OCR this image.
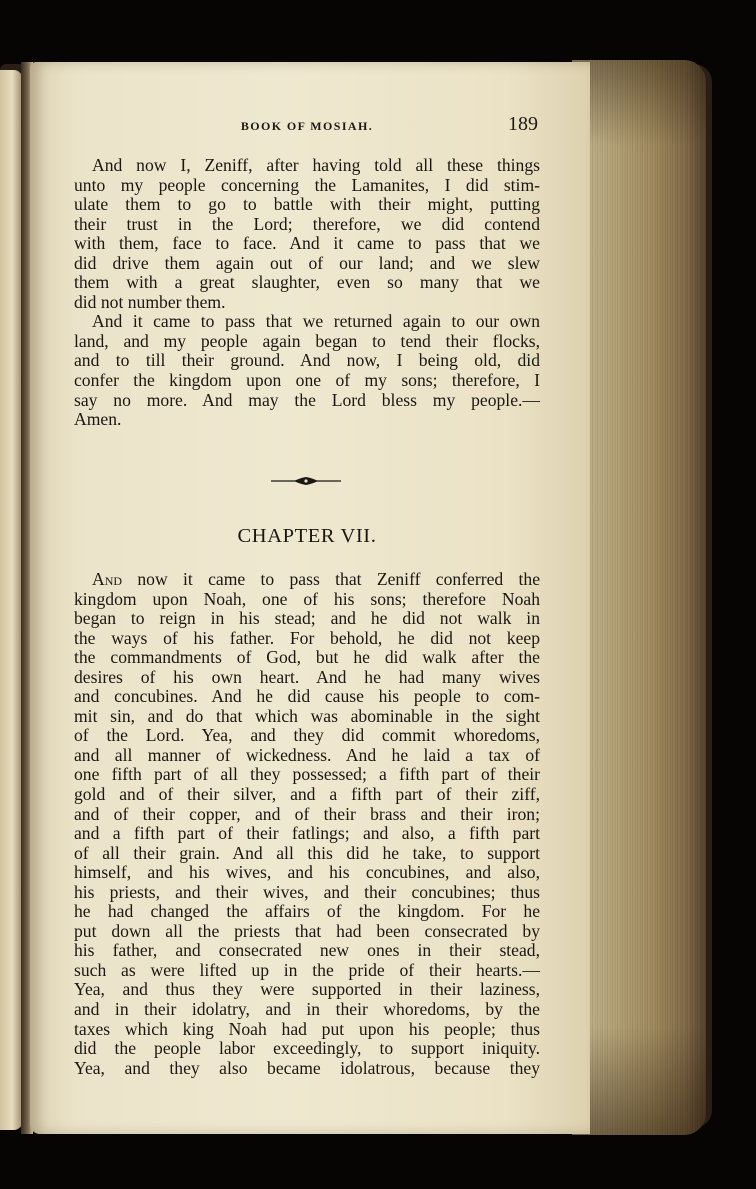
BOOK OF MOSIAH.	189
And now I, Zeniff, after having told all these things
unto my people concerning the Lamanites, I did stim-
ulate them to go to battle with their might, putting
their trust in the Lord; therefore, we did contend
with them, face to face. And it came to pass that we
did drive them again out of our land; and we slew
them with a great slaughter, even so many that we
did not number them.
And it came to pass that we returned again to our own
land, and my people again began to tend their flocks,
and to till their ground. And now, I being old, did
confer the kingdom upon one of my sons; therefore, I
say no more. And may the Lord bless my people.—
Amen.
CHAPTER VII.
And now it came to pass that Zeniff conferred the
kingdom upon Noah, one of his sons; therefore Noah
began to reign in his stead; and he did not walk in
the ways of his father. For behold, he did not keep
the commandments of God, but he did walk after the
desires of his own heart. And he had many wives
and concubines. And he did cause his people to com-
mit sin, and do that which was abominable in the sight
of the Lord. Yea, and they did commit whoredoms,
and all manner of wickedness. And he laid a tax of
one fifth part of all they possessed; a fifth part of their
gold and of their silver, and a fifth part of their ziff,
and of their copper, and of their brass and their iron;
and a fifth part of their fatlings; and also, a fifth part
of all their grain. And all this did he take, to support
himself, and his wives, and his concubines, and also,
his priests, and their wives, and their concubines; thus
he had changed the affairs of the kingdom. For he
put down all the priests that had been consecrated by
his father, and consecrated new ones in their stead,
such as were lifted up in the pride of their hearts.—
Yea, and thus they were supported in their laziness,
and in their idolatry, and in their whoredoms, by the
taxes which king Noah had put upon his people; thus
did the people labor exceedingly, to support iniquity.
Yea, and they also became idolatrous, because they
